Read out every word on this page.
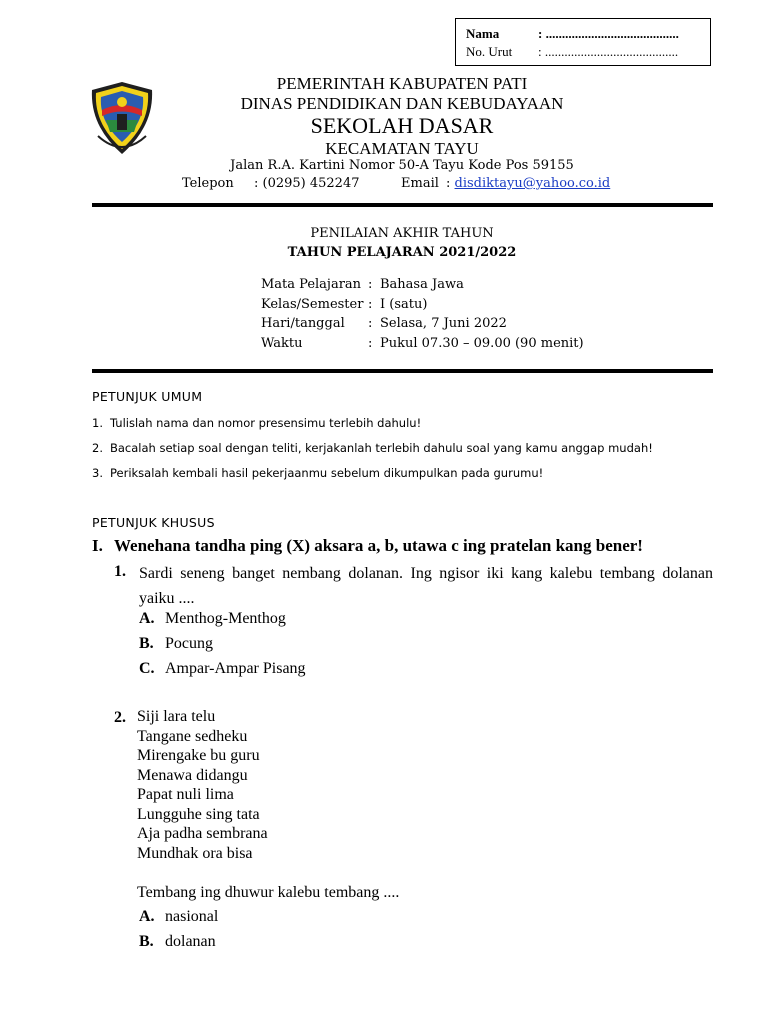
Nama	: .........................................
No. Urut : .........................................
PEMERINTAH KABUPATEN PATI
DINAS PENDIDIKAN DAN KEBUDAYAAN
SEKOLAH DASAR
KECAMATAN TAYU
Jalan R.A. Kartini Nomor 50-A Tayu Kode Pos 59155
Telepon : (0295) 452247	Email : disdiktayu@yahoo.co.id
PENILAIAN AKHIR TAHUN
TAHUN PELAJARAN 2021/2022
Mata Pelajaran : Bahasa Jawa
Kelas/Semester : I (satu)
Hari/tanggal : Selasa, 7 Juni 2022
Waktu	: Pukul 07.30 – 09.00 (90 menit)
PETUNJUK UMUM
1. Tulislah nama dan nomor presensimu terlebih dahulu!
2. Bacalah setiap soal dengan teliti, kerjakanlah terlebih dahulu soal yang kamu anggap mudah!
3. Periksalah kembali hasil pekerjaanmu sebelum dikumpulkan pada gurumu!
PETUNJUK KHUSUS
I. Wenehana tandha ping (X) aksara a, b, utawa c ing pratelan kang bener!
1. Sardi seneng banget nembang dolanan. Ing ngisor iki kang kalebu tembang dolanan yaiku ....
A. Menthog-Menthog
B. Pocung
C. Ampar-Ampar Pisang
2. Siji lara telu
Tangane sedheku
Mirengake bu guru
Menawa didangu
Papat nuli lima
Lungguhe sing tata
Aja padha sembrana
Mundhak ora bisa
Tembang ing dhuwur kalebu tembang ....
A. nasional
B. dolanan
